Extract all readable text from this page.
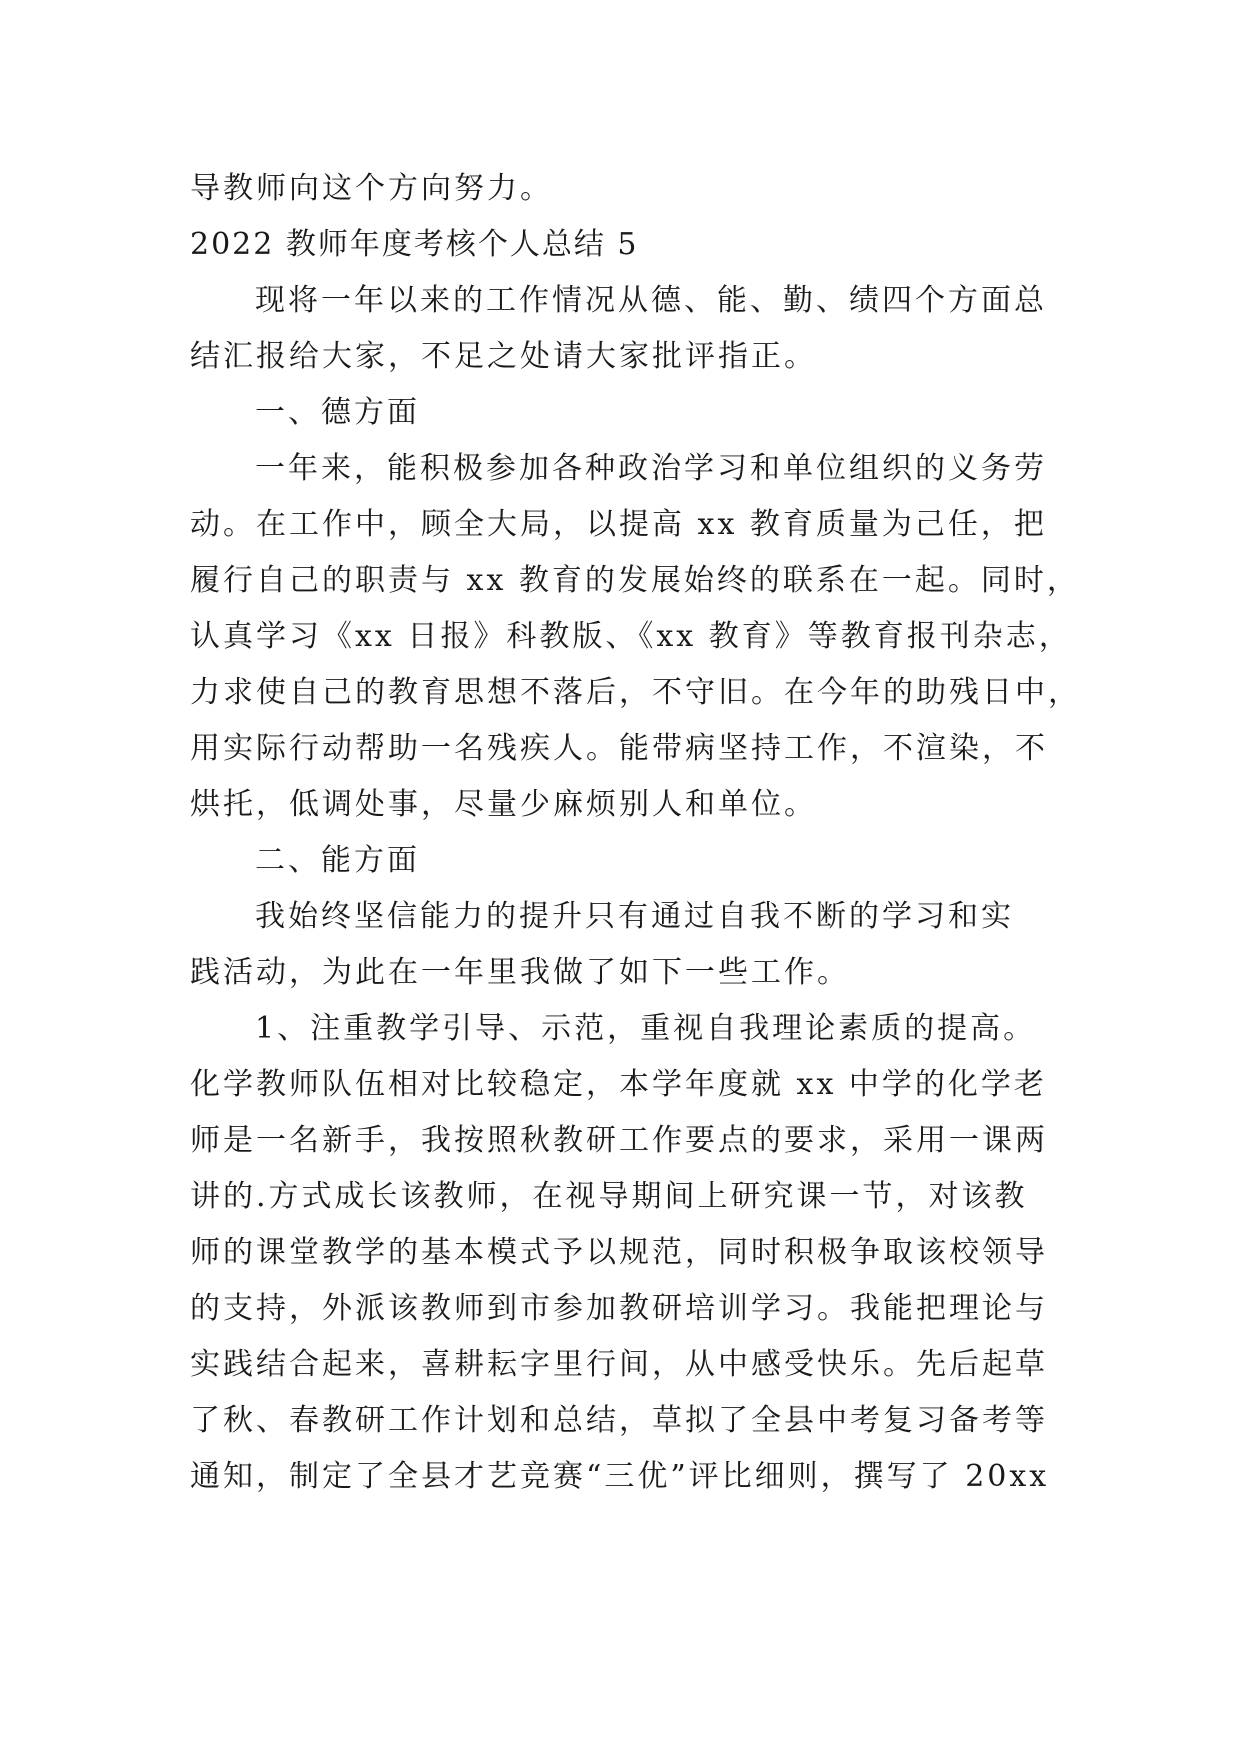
导教师向这个方向努力。
2022 教师年度考核个人总结 5
现将一年以来的工作情况从德、能、勤、绩四个方面总
结汇报给大家，不足之处请大家批评指正。
一、德方面
一年来，能积极参加各种政治学习和单位组织的义务劳
动。在工作中，顾全大局，以提高 xx 教育质量为己任，把
履行自己的职责与 xx 教育的发展始终的联系在一起。同时，
认真学习《xx 日报》科教版、《xx 教育》等教育报刊杂志，
力求使自己的教育思想不落后，不守旧。在今年的助残日中，
用实际行动帮助一名残疾人。能带病坚持工作，不渲染，不
烘托，低调处事，尽量少麻烦别人和单位。
二、能方面
我始终坚信能力的提升只有通过自我不断的学习和实
践活动，为此在一年里我做了如下一些工作。
1、注重教学引导、示范，重视自我理论素质的提高。
化学教师队伍相对比较稳定，本学年度就 xx 中学的化学老
师是一名新手，我按照秋教研工作要点的要求，采用一课两
讲的.方式成长该教师，在视导期间上研究课一节，对该教
师的课堂教学的基本模式予以规范，同时积极争取该校领导
的支持，外派该教师到市参加教研培训学习。我能把理论与
实践结合起来，喜耕耘字里行间，从中感受快乐。先后起草
了秋、春教研工作计划和总结，草拟了全县中考复习备考等
通知，制定了全县才艺竞赛“三优”评比细则，撰写了 20xx
